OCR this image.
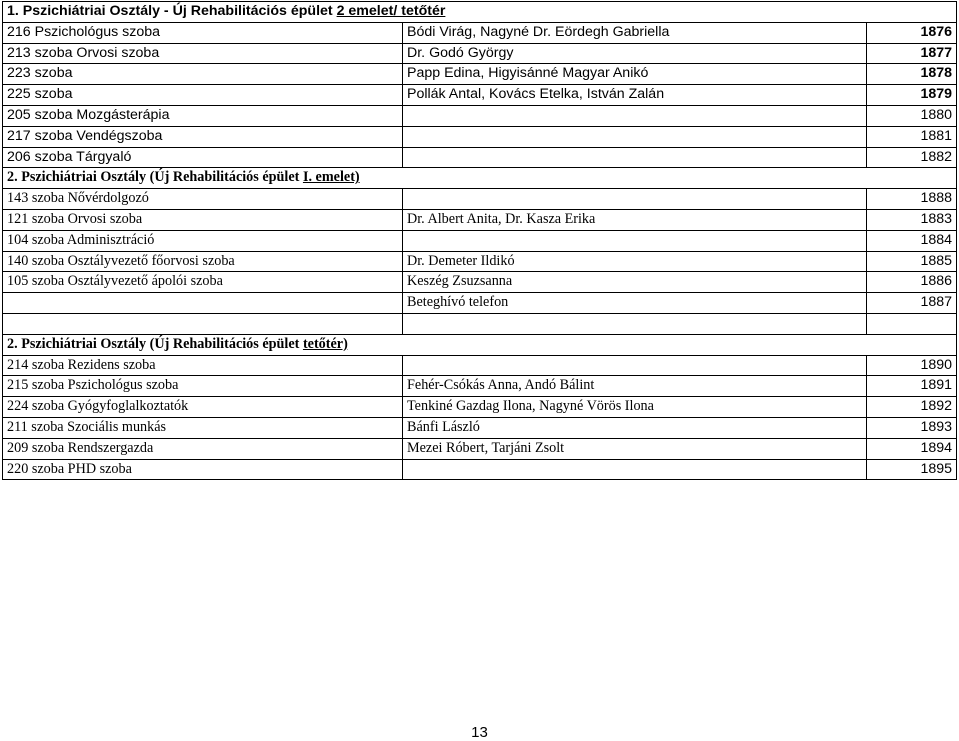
1. Pszichiátriai Osztály - Új Rehabilitációs épület 2 emelet/ tetőtér		
216 Pszichológus szoba	Bódi Virág, Nagyné Dr. Eördegh Gabriella	1876
213 szoba Orvosi szoba	Dr. Godó György	1877
223 szoba	Papp Edina, Higyisánné Magyar Anikó	1878
225 szoba	Pollák Antal, Kovács Etelka, István Zalán	1879
205 szoba Mozgásterápia		1880
217 szoba Vendégszoba		1881
206 szoba Tárgyaló		1882
2. Pszichiátriai Osztály (Új Rehabilitációs épület I. emelet)		
143 szoba Nővérdolgozó		1888
121 szoba Orvosi szoba	Dr. Albert Anita, Dr. Kasza Erika	1883
104 szoba Adminisztráció		1884
140 szoba Osztályvezető főorvosi szoba	Dr. Demeter Ildikó	1885
105 szoba Osztályvezető ápolói szoba	Keszég Zsuzsanna	1886
	Beteghívó telefon	1887

2. Pszichiátriai Osztály (Új Rehabilitációs épület tetőtér)		
214 szoba Rezidens szoba		1890
215 szoba Pszichológus szoba	Fehér-Csókás Anna, Andó Bálint	1891
224 szoba Gyógyfoglalkoztatók	Tenkiné Gazdag Ilona, Nagyné Vörös Ilona	1892
211 szoba Szociális munkás	Bánfi László	1893
209 szoba Rendszergazda	Mezei Róbert, Tarjáni Zsolt	1894
220 szoba PHD szoba		1895
13
